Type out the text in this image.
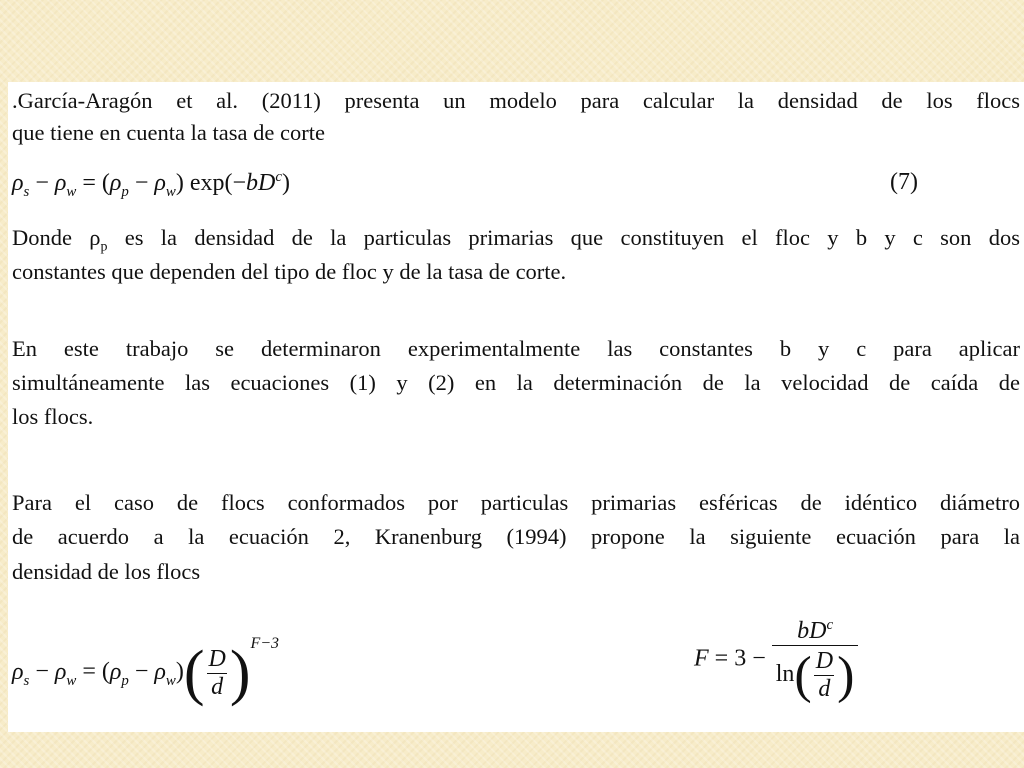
.García-Aragón et al. (2011) presenta un modelo para calcular la densidad de los flocs
que tiene en cuenta la tasa de corte
$\rho_s - \rho_w = (\rho_p - \rho_w)$ $\exp(-bD^c)$	(7)
Donde $\rho_p$ es la densidad de la particulas primarias que constituyen el floc y b y c son dos
constantes que dependen del tipo de floc y de la tasa de corte.
En este trabajo se determinaron experimentalmente las constantes b y c para aplicar
simultáneamente las ecuaciones (1) y (2) en la determinación de la velocidad de caída de
los flocs.
Para el caso de flocs conformados por particulas primarias esféricas de idéntico diámetro
de acuerdo a la ecuación 2, Kranenburg (1994) propone la siguiente ecuación para la
densidad de los flocs
$\rho_s - \rho_w = (\rho_p - \rho_w)( \frac{D}{d} )^{F-3}$
$F = 3 - \frac{bD^c}{\ln( \frac{D}{d} )}$
